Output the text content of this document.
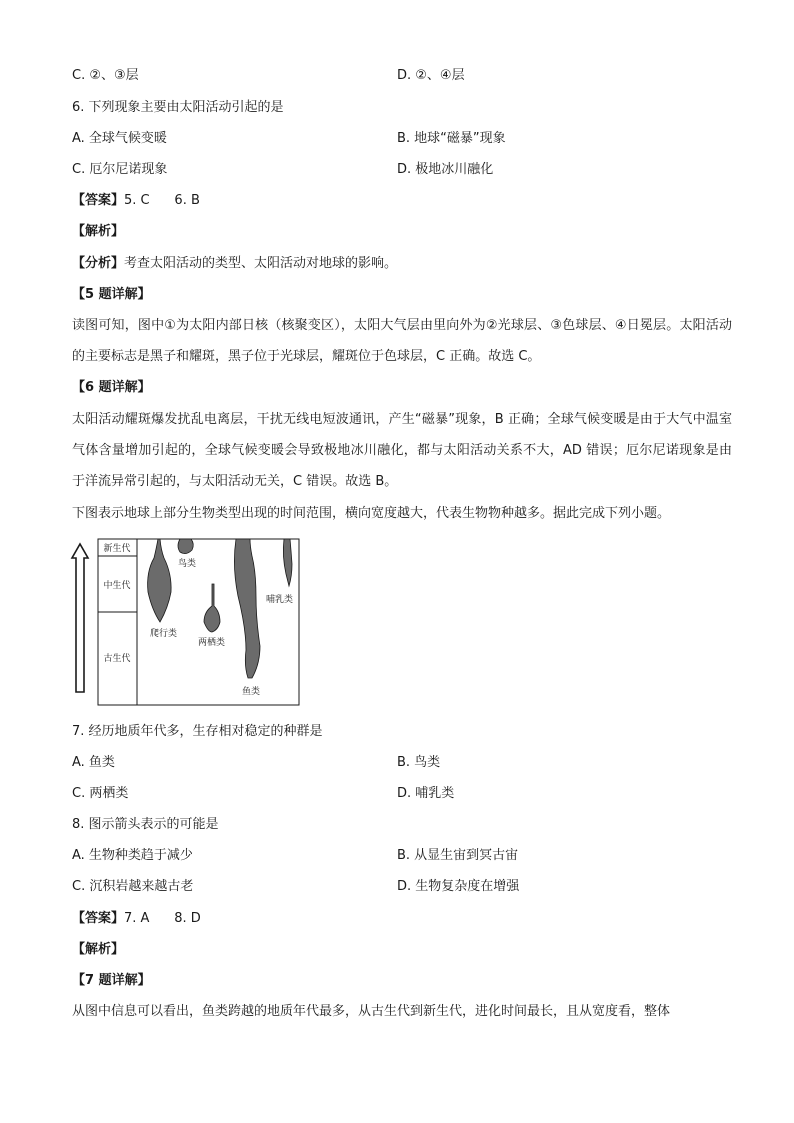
C. ②、③层	D. ②、④层
6. 下列现象主要由太阳活动引起的是
A. 全球气候变暖	B. 地球“磁暴”现象
C. 厄尔尼诺现象	D. 极地冰川融化
【答案】5. C      6. B
【解析】
【分析】考查太阳活动的类型、太阳活动对地球的影响。
【5 题详解】
读图可知，图中①为太阳内部日核（核聚变区），太阳大气层由里向外为②光球层、③色球层、④日冕层。太阳活动的主要标志是黑子和耀斑，黑子位于光球层，耀斑位于色球层，C 正确。故选 C。
【6 题详解】
太阳活动耀斑爆发扰乱电离层，干扰无线电短波通讯，产生“磁暴”现象，B 正确；全球气候变暖是由于大气中温室气体含量增加引起的，全球气候变暖会导致极地冰川融化，都与太阳活动关系不大，AD 错误；厄尔尼诺现象是由于洋流异常引起的，与太阳活动无关，C 错误。故选 B。
下图表示地球上部分生物类型出现的时间范围，横向宽度越大，代表生物物种越多。据此完成下列小题。
新生代
中生代
古生代
爬行类
鸟类
两栖类
鱼类
哺乳类
7. 经历地质年代多，生存相对稳定的种群是
A. 鱼类	B. 鸟类
C. 两栖类	D. 哺乳类
8. 图示箭头表示的可能是
A. 生物种类趋于减少	B. 从显生宙到冥古宙
C. 沉积岩越来越古老	D. 生物复杂度在增强
【答案】7. A      8. D
【解析】
【7 题详解】
从图中信息可以看出，鱼类跨越的地质年代最多，从古生代到新生代，进化时间最长，且从宽度看，整体
